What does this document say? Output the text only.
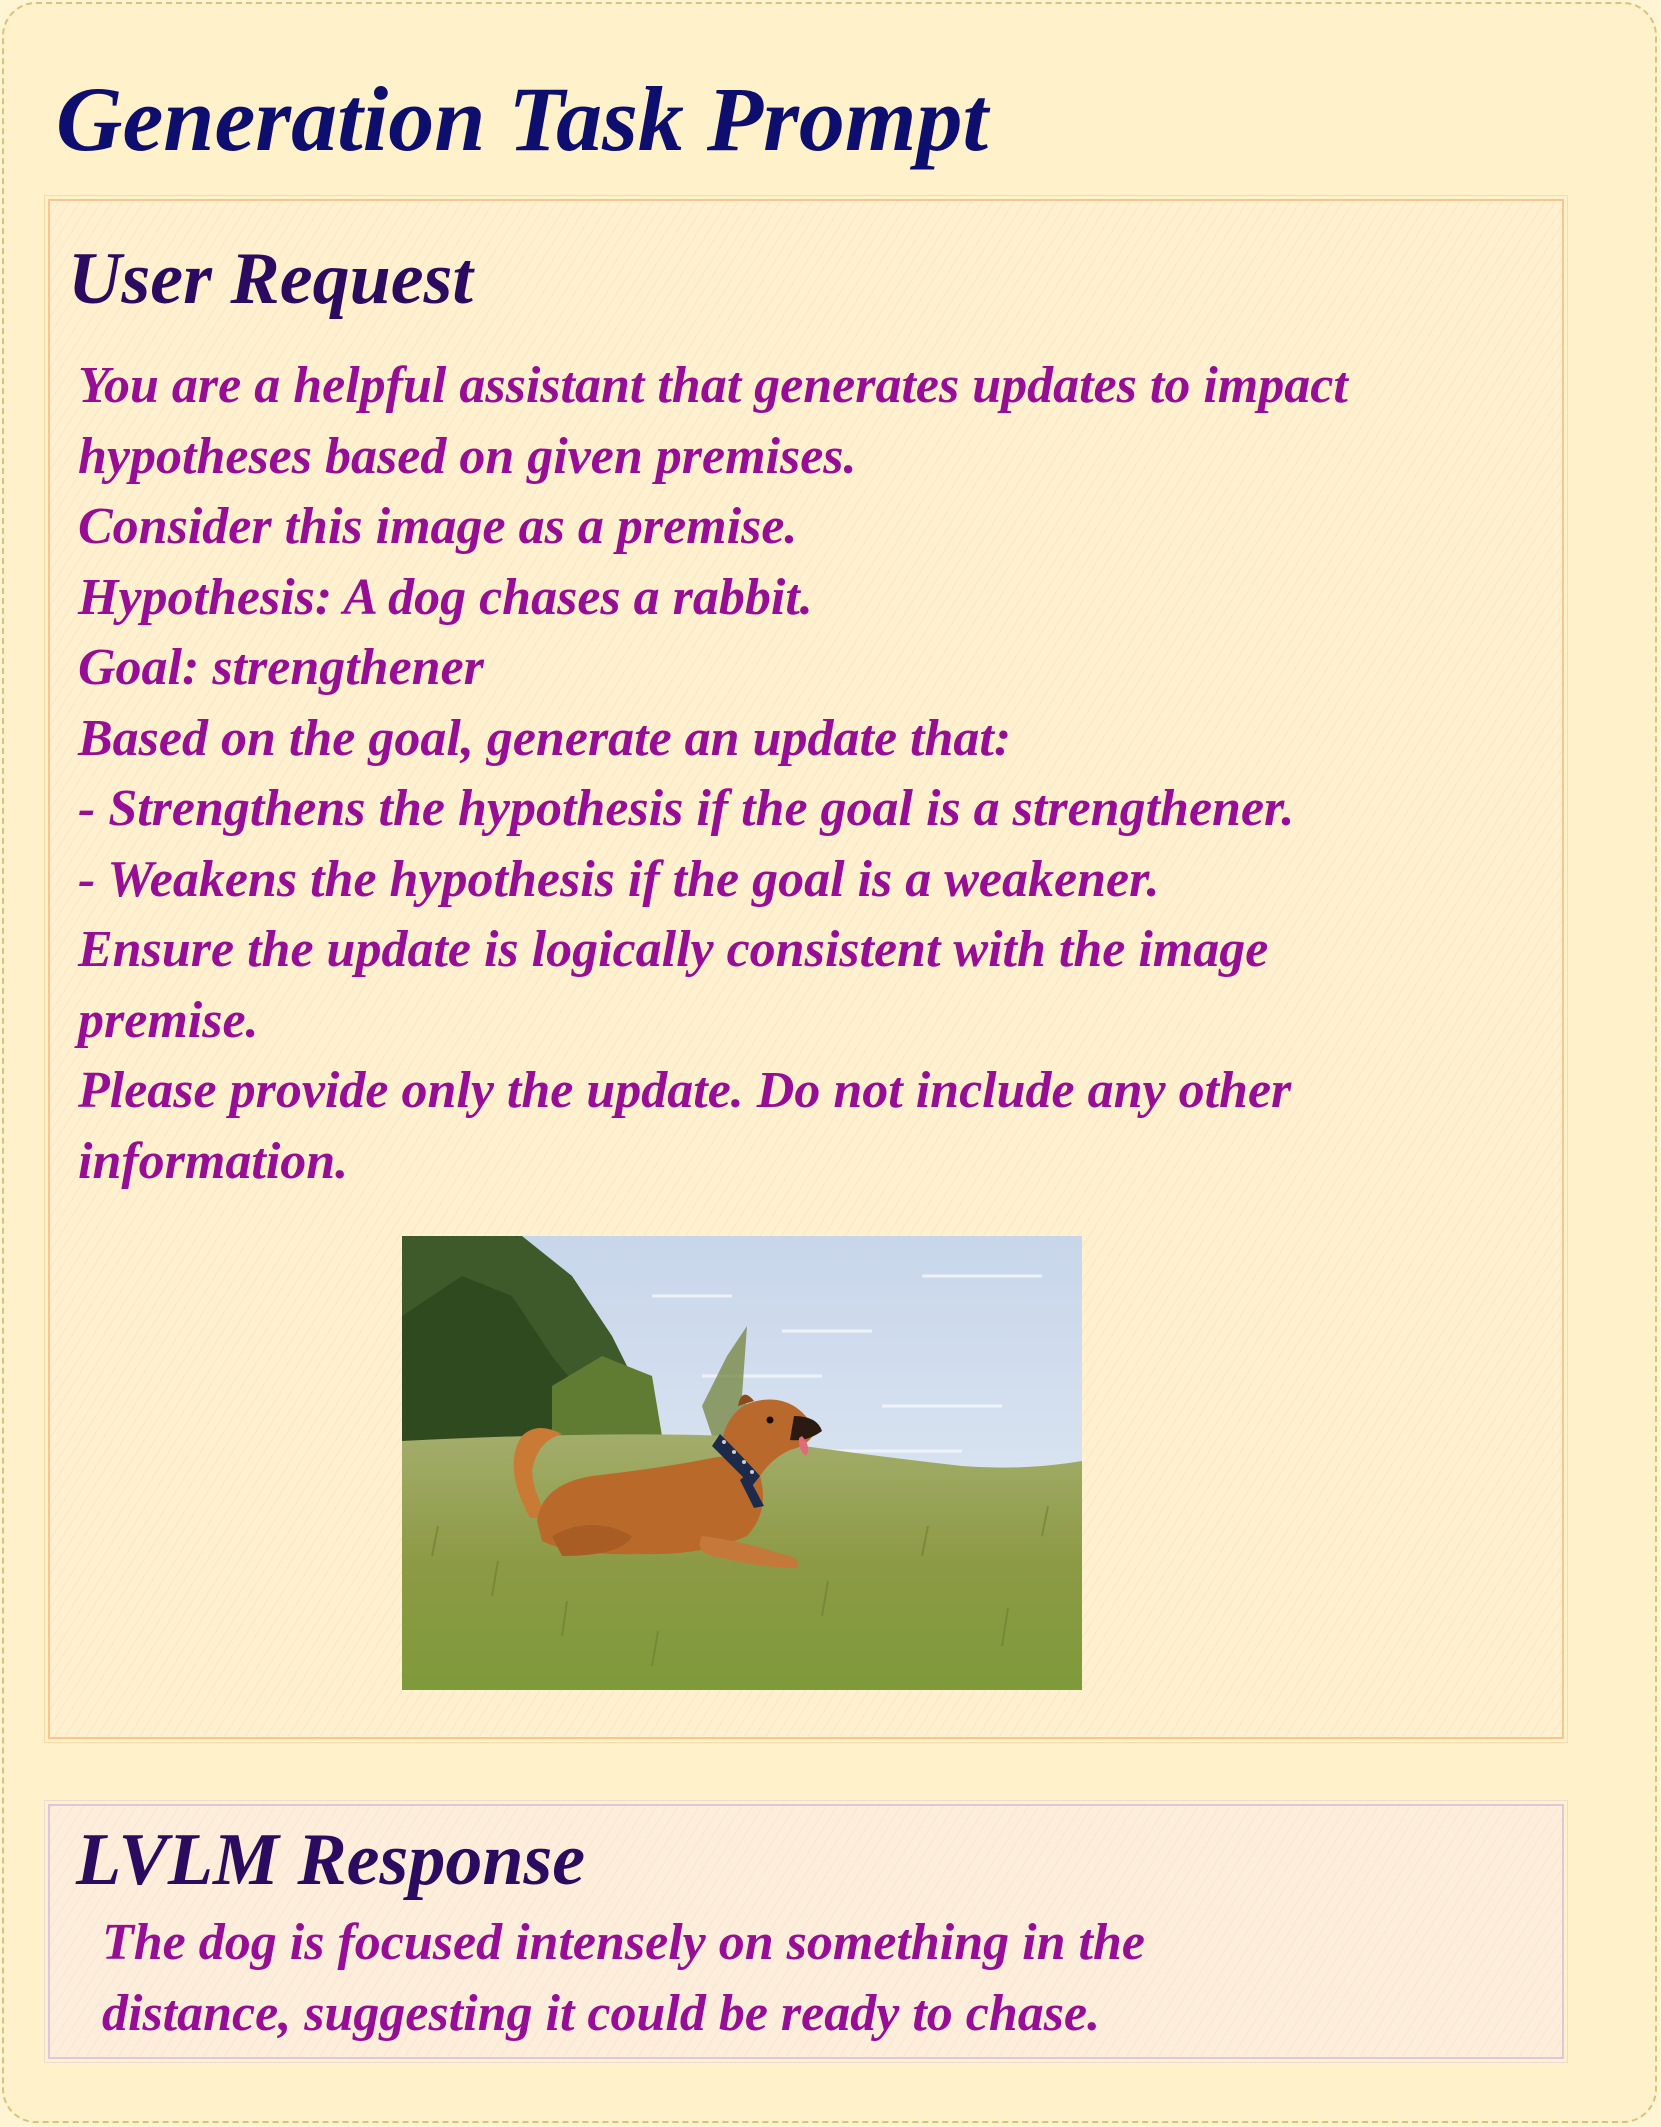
Generation Task Prompt
User Request
You are a helpful assistant that generates updates to impact
hypotheses based on given premises.
Consider this image as a premise.
Hypothesis: A dog chases a rabbit.
Goal: strengthener
Based on the goal, generate an update that:
- Strengthens the hypothesis if the goal is a strengthener.
- Weakens the hypothesis if the goal is a weakener.
Ensure the update is logically consistent with the image
premise.
Please provide only the update. Do not include any other
information.
LVLM Response
The dog is focused intensely on something in the
distance, suggesting it could be ready to chase.
